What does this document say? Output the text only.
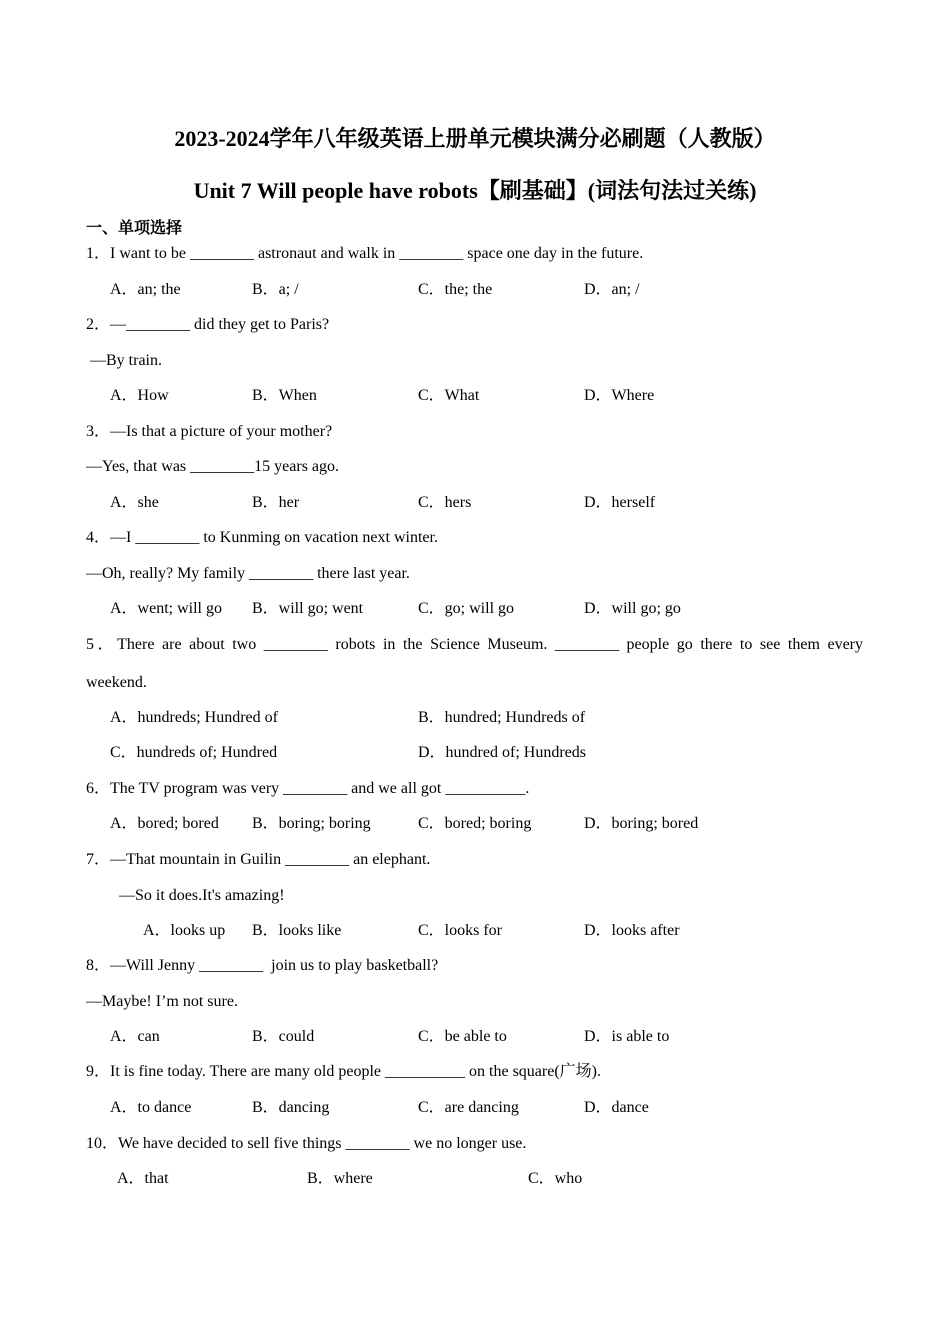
2023-2024学年八年级英语上册单元模块满分必刷题（人教版）
Unit 7 Will people have robots【刷基础】(词法句法过关练)
一、单项选择
1．I want to be ________ astronaut and walk in ________ space one day in the future.
A．an; the	B．a; /	C．the; the	D．an; /
2．—________ did they get to Paris?
—By train.
A．How	B．When	C．What	D．Where
3．—Is that a picture of your mother?
—Yes, that was ________15 years ago.
A．she	B．her	C．hers	D．herself
4．—I ________ to Kunming on vacation next winter.
—Oh, really? My family ________ there last year.
A．went; will go B．will go; went	C．go; will go	D．will go; go
5．There are about two ________ robots in the Science Museum. ________ people go there to see them every
weekend.
A．hundreds; Hundred of	B．hundred; Hundreds of
C．hundreds of; Hundred	D．hundred of; Hundreds
6．The TV program was very ________ and we all got __________.
A．bored; bored B．boring; boring	C．bored; boring	D．boring; bored
7．—That mountain in Guilin ________ an elephant.
—So it does.It's amazing!
A．looks up B．looks like	C．looks for	D．looks after
8．—Will Jenny ________  join us to play basketball?
—Maybe! I’m not sure.
A．can	B．could	C．be able to	D．is able to
9．It is fine today. There are many old people __________ on the square(广场).
A．to dance	B．dancing	C．are dancing	D．dance
10．We have decided to sell five things ________ we no longer use.
A．that	B．where	C．who
